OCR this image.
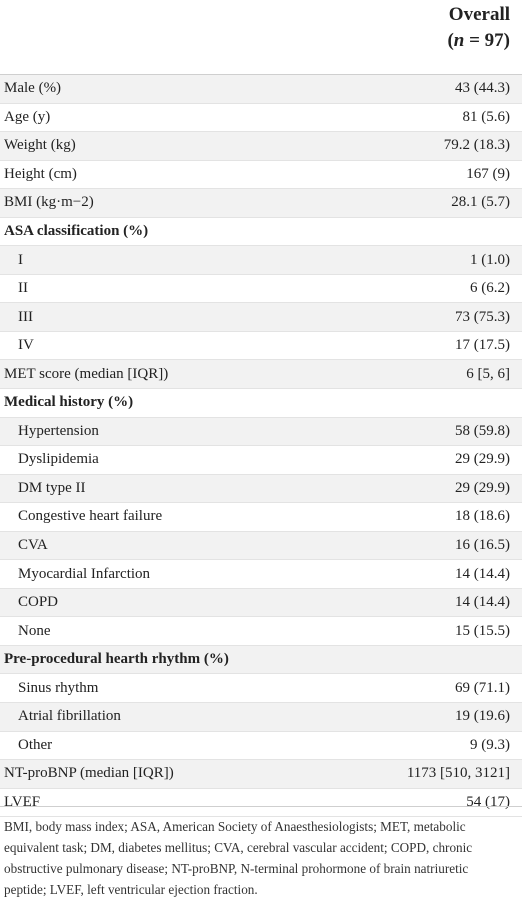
Overall
(n = 97)
Male (%)	43 (44.3)
Age (y)	81 (5.6)
Weight (kg)	79.2 (18.3)
Height (cm)	167 (9)
BMI (kg·m−2)	28.1 (5.7)
ASA classification (%)
I	1 (1.0)
II	6 (6.2)
III	73 (75.3)
IV	17 (17.5)
MET score (median [IQR])	6 [5, 6]
Medical history (%)
Hypertension	58 (59.8)
Dyslipidemia	29 (29.9)
DM type II	29 (29.9)
Congestive heart failure	18 (18.6)
CVA	16 (16.5)
Myocardial Infarction	14 (14.4)
COPD	14 (14.4)
None	15 (15.5)
Pre-procedural hearth rhythm (%)
Sinus rhythm	69 (71.1)
Atrial fibrillation	19 (19.6)
Other	9 (9.3)
NT-proBNP (median [IQR])	1173 [510, 3121]
LVEF	54 (17)
BMI, body mass index; ASA, American Society of Anaesthesiologists; MET, metabolic equivalent task; DM, diabetes mellitus; CVA, cerebral vascular accident; COPD, chronic obstructive pulmonary disease; NT-proBNP, N-terminal prohormone of brain natriuretic peptide; LVEF, left ventricular ejection fraction.
